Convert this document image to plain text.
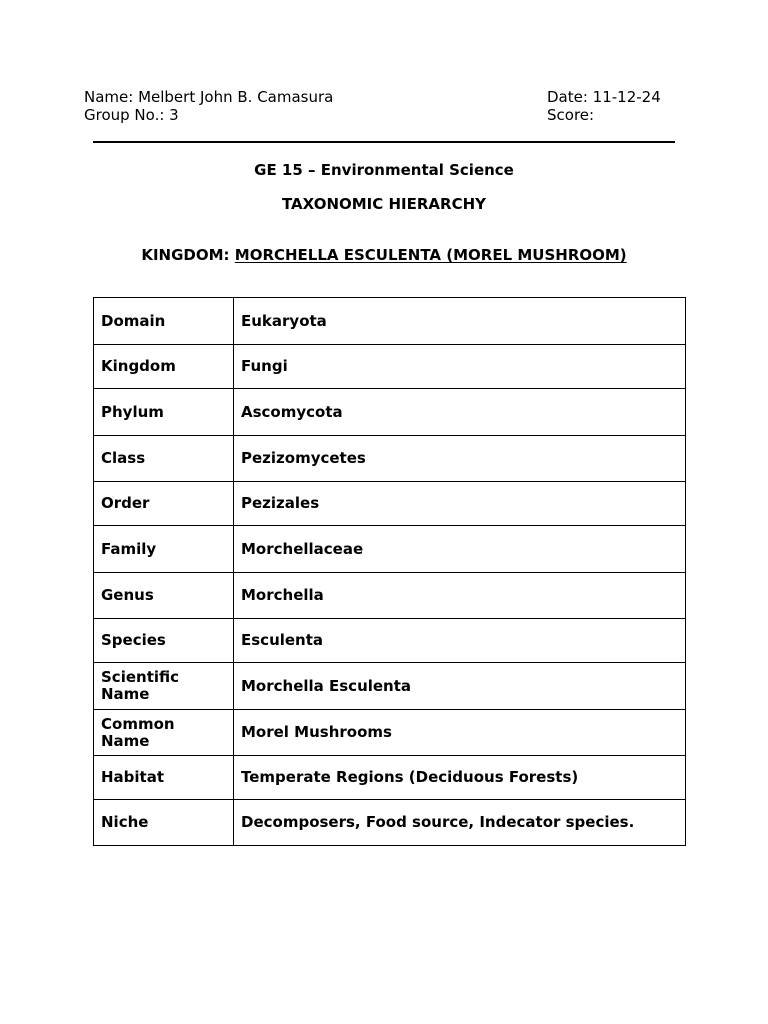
Name: Melbert John B. Camasura
Group No.: 3
Date: 11-12-24
Score:
GE 15 – Environmental Science
TAXONOMIC HIERARCHY
KINGDOM: MORCHELLA ESCULENTA (MOREL MUSHROOM)
Domain	Eukaryota
Kingdom	Fungi
Phylum	Ascomycota
Class	Pezizomycetes
Order	Pezizales
Family	Morchellaceae
Genus	Morchella
Species	Esculenta
Scientific Name	Morchella Esculenta
Common Name	Morel Mushrooms
Habitat	Temperate Regions (Deciduous Forests)
Niche	Decomposers, Food source, Indecator species.
